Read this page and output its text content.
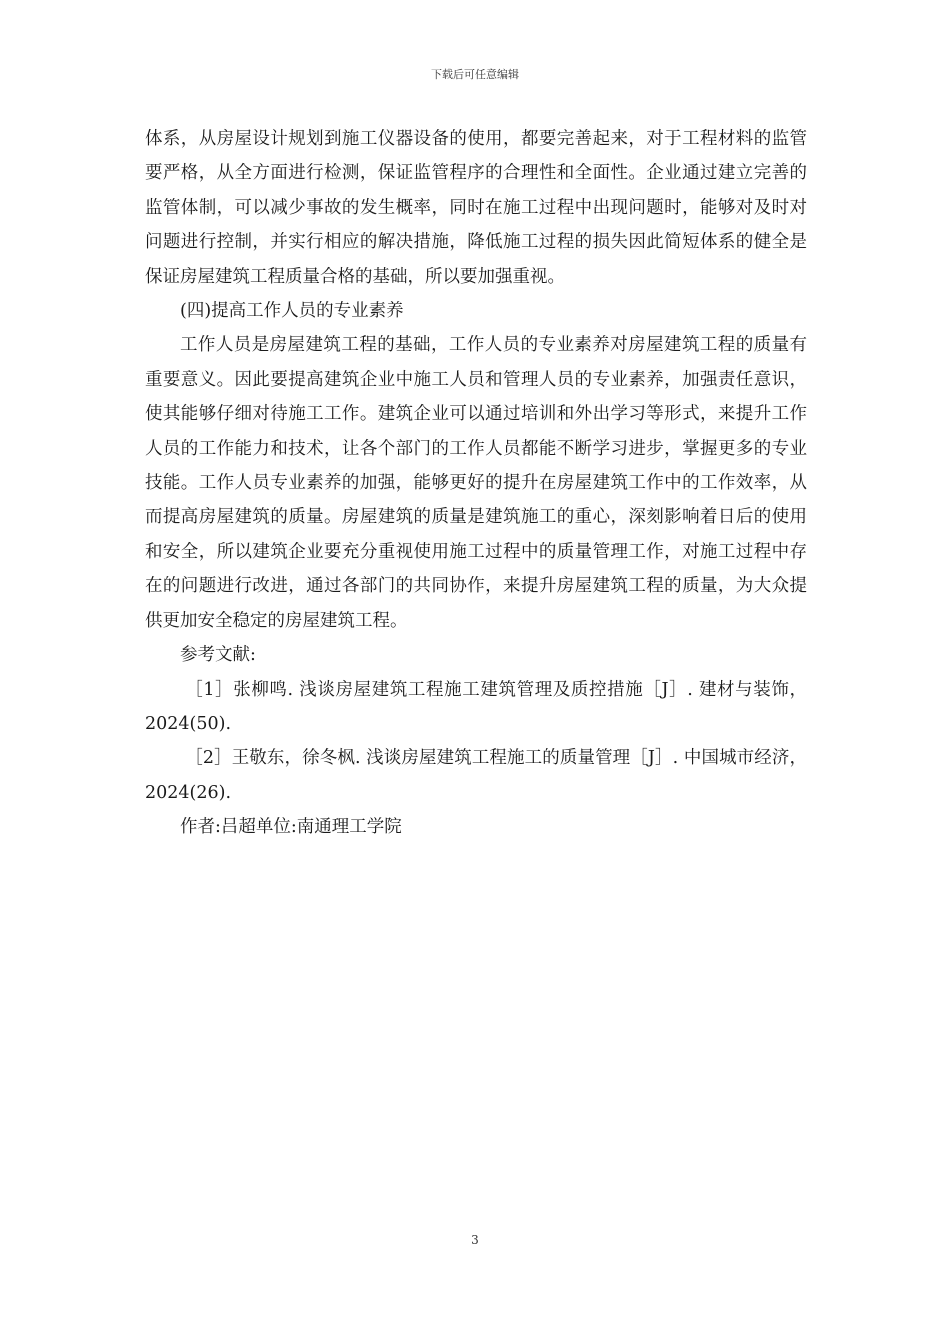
下载后可任意编辑

体系，从房屋设计规划到施工仪器设备的使用，都要完善起来，对于工程材料的监管要严格，从全方面进行检测，保证监管程序的合理性和全面性。企业通过建立完善的监管体制，可以减少事故的发生概率，同时在施工过程中出现问题时，能够对及时对问题进行控制，并实行相应的解决措施，降低施工过程的损失因此简短体系的健全是保证房屋建筑工程质量合格的基础，所以要加强重视。

(四)提高工作人员的专业素养

工作人员是房屋建筑工程的基础，工作人员的专业素养对房屋建筑工程的质量有重要意义。因此要提高建筑企业中施工人员和管理人员的专业素养，加强责任意识，使其能够仔细对待施工工作。建筑企业可以通过培训和外出学习等形式，来提升工作人员的工作能力和技术，让各个部门的工作人员都能不断学习进步，掌握更多的专业技能。工作人员专业素养的加强，能够更好的提升在房屋建筑工作中的工作效率，从而提高房屋建筑的质量。房屋建筑的质量是建筑施工的重心，深刻影响着日后的使用和安全，所以建筑企业要充分重视使用施工过程中的质量管理工作，对施工过程中存在的问题进行改进，通过各部门的共同协作，来提升房屋建筑工程的质量，为大众提供更加安全稳定的房屋建筑工程。

参考文献:

［1］张柳鸣. 浅谈房屋建筑工程施工建筑管理及质控措施［J］. 建材与装饰，2024(50).

［2］王敬东，徐冬枫. 浅谈房屋建筑工程施工的质量管理［J］. 中国城市经济，2024(26).

作者:吕超单位:南通理工学院

3
